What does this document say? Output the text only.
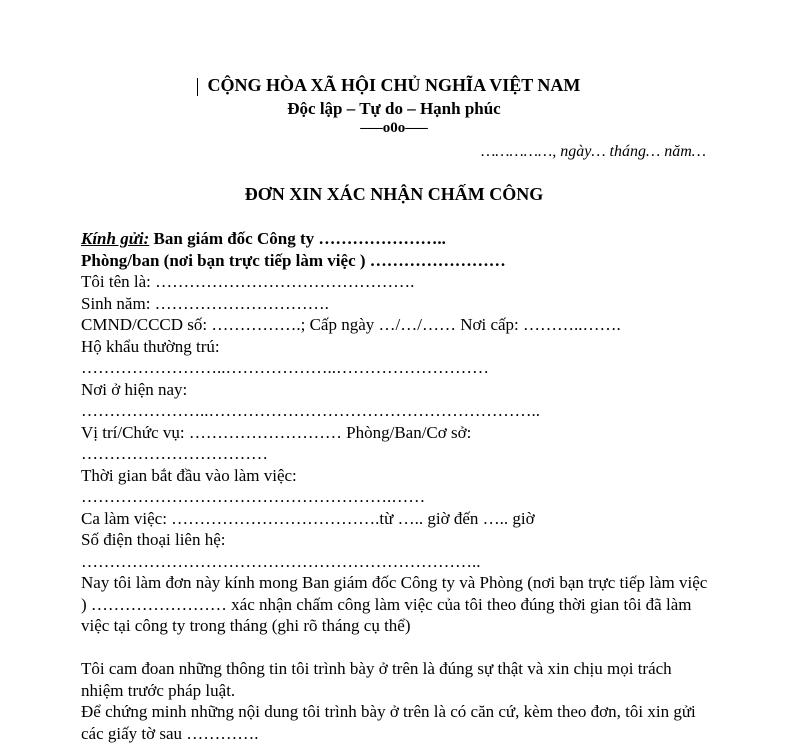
CỘNG HÒA XÃ HỘI CHỦ NGHĨA VIỆT NAM
Độc lập – Tự do – Hạnh phúc
–––o0o–––
……………, ngày… tháng… năm…
ĐƠN XIN XÁC NHẬN CHẤM CÔNG
Kính gửi: Ban giám đốc Công ty …………………..
Phòng/ban (nơi bạn trực tiếp làm việc ) ……………………
Tôi tên là: ……………………………………….
Sinh năm: ………………………….
CMND/CCCD số: …………….; Cấp ngày …/…/…… Nơi cấp: ………..…….
Hộ khẩu thường trú:
……………………..………………..………………………
Nơi ở hiện nay:
…………………..…………………………………………………..
Vị trí/Chức vụ: ……………………… Phòng/Ban/Cơ sở:
……………………………
Thời gian bắt đầu vào làm việc:
……………………………………………….……
Ca làm việc: ……………………………….từ ….. giờ đến ….. giờ
Số điện thoại liên hệ:
……………………………………………………………..
Nay tôi làm đơn này kính mong Ban giám đốc Công ty và Phòng (nơi bạn trực tiếp làm việc ) …………………… xác nhận chấm công làm việc của tôi theo đúng thời gian tôi đã làm việc tại công ty trong tháng (ghi rõ tháng cụ thể)
Tôi cam đoan những thông tin tôi trình bày ở trên là đúng sự thật và xin chịu mọi trách nhiệm trước pháp luật.
Để chứng minh những nội dung tôi trình bày ở trên là có căn cứ, kèm theo đơn, tôi xin gửi các giấy tờ sau ………….
